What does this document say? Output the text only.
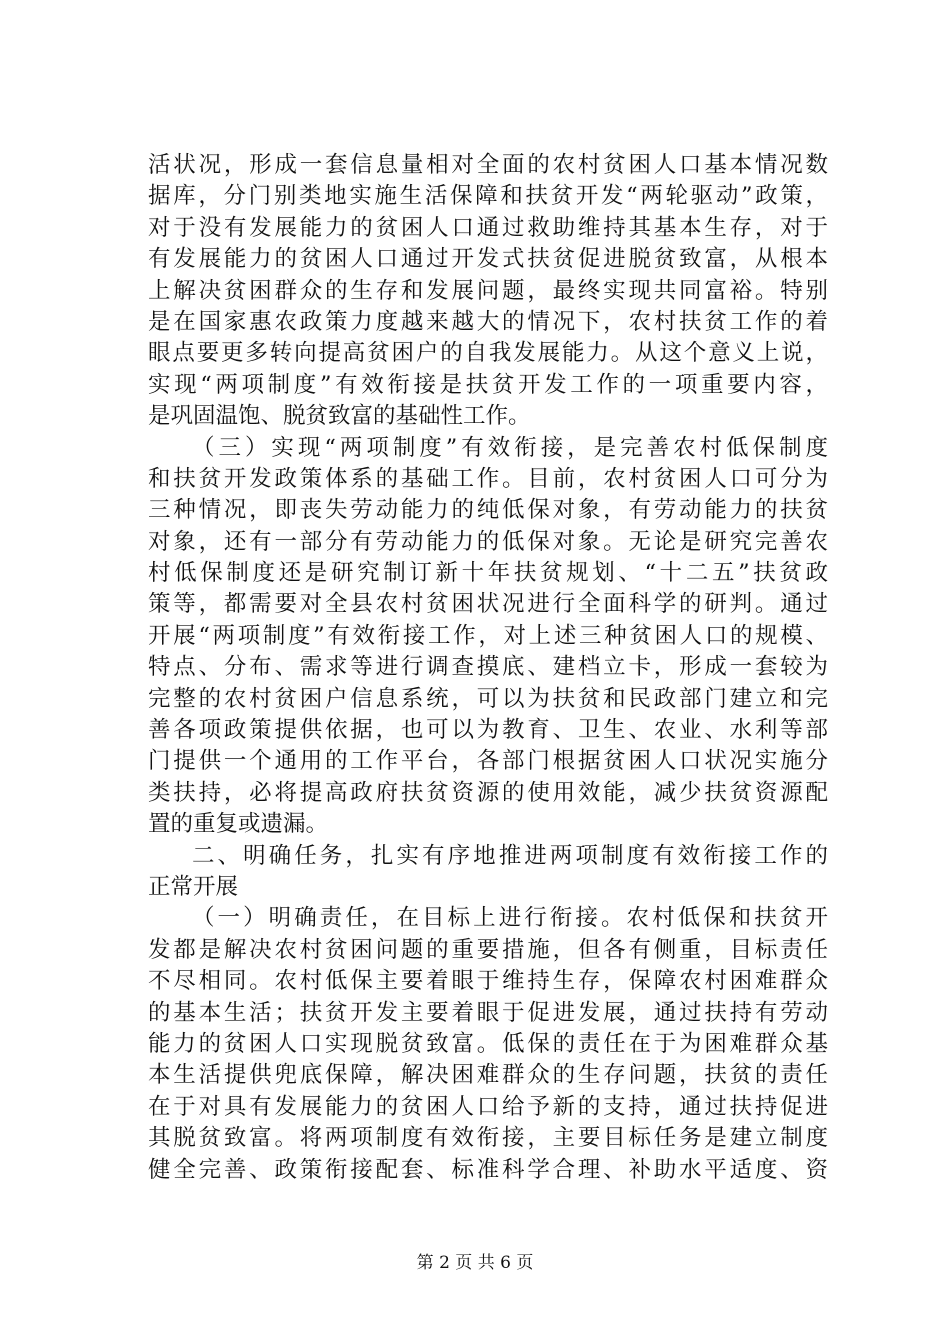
活状况，形成一套信息量相对全面的农村贫困人口基本情况数
据库，分门别类地实施生活保障和扶贫开发“两轮驱动”政策，
对于没有发展能力的贫困人口通过救助维持其基本生存，对于
有发展能力的贫困人口通过开发式扶贫促进脱贫致富，从根本
上解决贫困群众的生存和发展问题，最终实现共同富裕。特别
是在国家惠农政策力度越来越大的情况下，农村扶贫工作的着
眼点要更多转向提高贫困户的自我发展能力。从这个意义上说，
实现“两项制度”有效衔接是扶贫开发工作的一项重要内容，
是巩固温饱、脱贫致富的基础性工作。
（三）实现“两项制度”有效衔接，是完善农村低保制度
和扶贫开发政策体系的基础工作。目前，农村贫困人口可分为
三种情况，即丧失劳动能力的纯低保对象，有劳动能力的扶贫
对象，还有一部分有劳动能力的低保对象。无论是研究完善农
村低保制度还是研究制订新十年扶贫规划、“十二五”扶贫政
策等，都需要对全县农村贫困状况进行全面科学的研判。通过
开展“两项制度”有效衔接工作，对上述三种贫困人口的规模、
特点、分布、需求等进行调查摸底、建档立卡，形成一套较为
完整的农村贫困户信息系统，可以为扶贫和民政部门建立和完
善各项政策提供依据，也可以为教育、卫生、农业、水利等部
门提供一个通用的工作平台，各部门根据贫困人口状况实施分
类扶持，必将提高政府扶贫资源的使用效能，减少扶贫资源配
置的重复或遗漏。
二、明确任务，扎实有序地推进两项制度有效衔接工作的
正常开展
（一）明确责任，在目标上进行衔接。农村低保和扶贫开
发都是解决农村贫困问题的重要措施，但各有侧重，目标责任
不尽相同。农村低保主要着眼于维持生存，保障农村困难群众
的基本生活；扶贫开发主要着眼于促进发展，通过扶持有劳动
能力的贫困人口实现脱贫致富。低保的责任在于为困难群众基
本生活提供兜底保障，解决困难群众的生存问题，扶贫的责任
在于对具有发展能力的贫困人口给予新的支持，通过扶持促进
其脱贫致富。将两项制度有效衔接，主要目标任务是建立制度
健全完善、政策衔接配套、标准科学合理、补助水平适度、资
第 2 页 共 6 页
